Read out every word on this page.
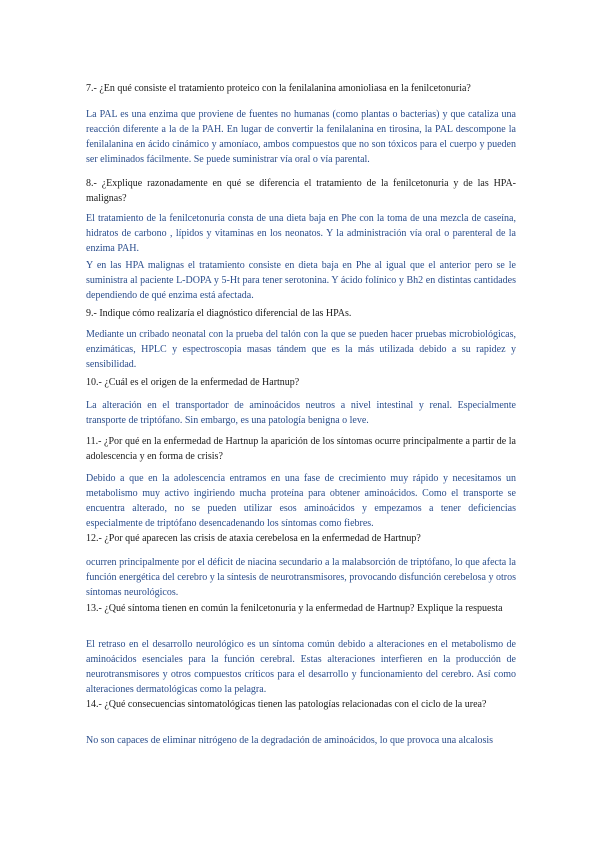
7.- ¿En qué consiste el tratamiento proteico con la fenilalanina amonioliasa en la fenilcetonuria?

La PAL es una enzima que proviene de fuentes no humanas (como plantas o bacterias) y que cataliza una reacción diferente a la de la PAH. En lugar de convertir la fenilalanina en tirosina, la PAL descompone la fenilalanina en ácido cinámico y amoníaco, ambos compuestos que no son tóxicos para el cuerpo y pueden ser eliminados fácilmente. Se puede suministrar vía oral o vía parental.

8.- ¿Explique razonadamente en qué se diferencia el tratamiento de la fenilcetonuria y de las HPA-malignas?

El tratamiento de la fenilcetonuria consta de una dieta baja en Phe con la toma de una mezcla de caseína, hidratos de carbono , lípidos y vitaminas en los neonatos. Y la administración vía oral o parenteral de la enzima PAH.

Y en las HPA malignas el tratamiento consiste en dieta baja en Phe al igual que el anterior pero se le suministra al paciente L-DOPA y 5-Ht para tener serotonina. Y ácido folínico y Bh2 en distintas cantidades dependiendo de qué enzima está afectada.

9.- Indique cómo realizaría el diagnóstico diferencial de las HPAs.

Mediante un cribado neonatal con la prueba del talón con la que se pueden hacer pruebas microbiológicas, enzimáticas, HPLC y espectroscopia masas tándem que es la más utilizada debido a su rapidez y sensibilidad.

10.- ¿Cuál es el origen de la enfermedad de Hartnup?

La alteración en el transportador de aminoácidos neutros a nivel intestinal y renal. Especialmente transporte de triptófano. Sin embargo, es una patología benigna o leve.

11.- ¿Por qué en la enfermedad de Hartnup la aparición de los síntomas ocurre principalmente a partir de la adolescencia y en forma de crisis?

Debido a que en la adolescencia entramos en una fase de crecimiento muy rápido y necesitamos un metabolismo muy activo ingiriendo mucha proteína para obtener aminoácidos. Como el transporte se encuentra alterado, no se pueden utilizar esos aminoácidos y empezamos a tener deficiencias especialmente de triptófano desencadenando los síntomas como fiebres.

12.- ¿Por qué aparecen las crisis de ataxia cerebelosa en la enfermedad de Hartnup?

ocurren principalmente por el déficit de niacina secundario a la malabsorción de triptófano, lo que afecta la función energética del cerebro y la síntesis de neurotransmisores, provocando disfunción cerebelosa y otros síntomas neurológicos.

13.- ¿Qué síntoma tienen en común la fenilcetonuria y la enfermedad de Hartnup? Explique la respuesta

El retraso en el desarrollo neurológico es un síntoma común debido a alteraciones en el metabolismo de aminoácidos esenciales para la función cerebral. Estas alteraciones interfieren en la producción de neurotransmisores y otros compuestos críticos para el desarrollo y funcionamiento del cerebro. Así como alteraciones dermatológicas como la pelagra.

14.- ¿Qué consecuencias sintomatológicas tienen las patologías relacionadas con el ciclo de la urea?

No son capaces de eliminar nitrógeno de la degradación de aminoácidos, lo que provoca una alcalosis
